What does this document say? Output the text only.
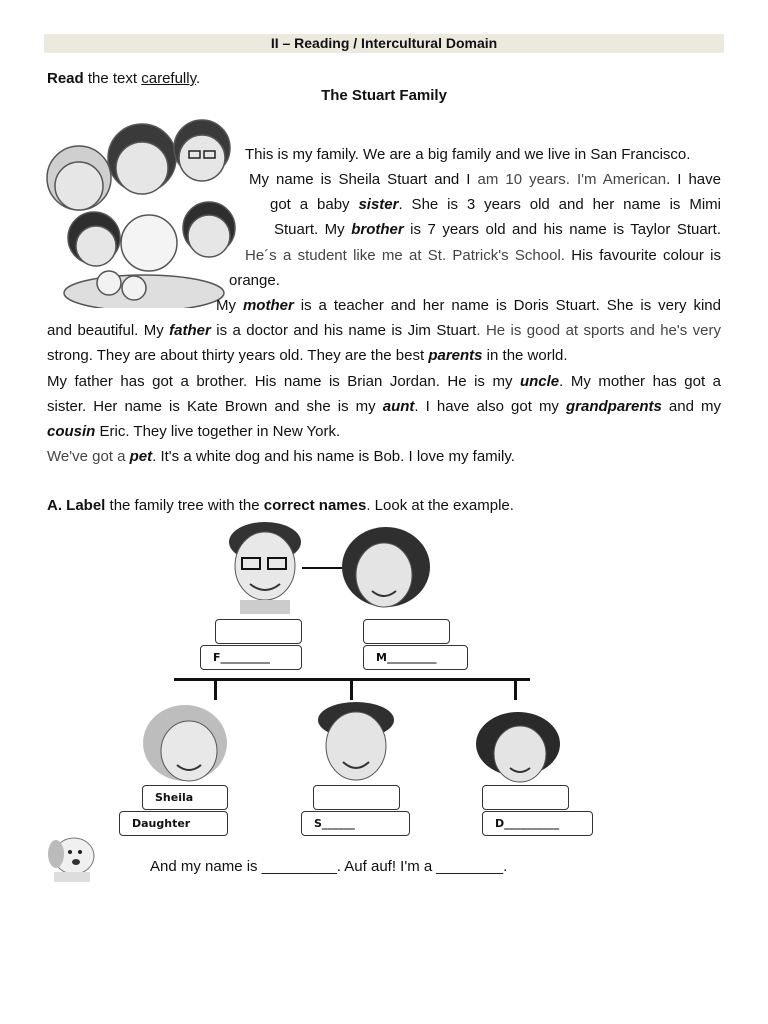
II – Reading / Intercultural Domain
Read the text carefully.
The Stuart Family
This is my family. We are a big family and we live in San Francisco.
My name is Sheila Stuart and I am 10 years. I'm American. I have
got a baby sister. She is 3 years old and her name is Mimi
Stuart. My brother is 7 years old and his name is Taylor Stuart.
He´s a student like me at St. Patrick's School. His favourite colour is
orange.
My mother is a teacher and her name is Doris Stuart. She is very kind
and beautiful. My father is a doctor and his name is Jim Stuart. He is good at sports and he's very
strong. They are about thirty years old. They are the best parents in the world.
My father has got a brother. His name is Brian Jordan. He is my uncle. My mother has got a
sister. Her name is Kate Brown and she is my aunt. I have also got my grandparents and my
cousin Eric. They live together in New York.
We've got a pet. It's a white dog and his name is Bob. I love my family.
A. Label the family tree with the correct names. Look at the example.
F_________	M_________
Sheila
Daughter	S______	D__________
And my name is _________. Auf auf! I'm a ________.
